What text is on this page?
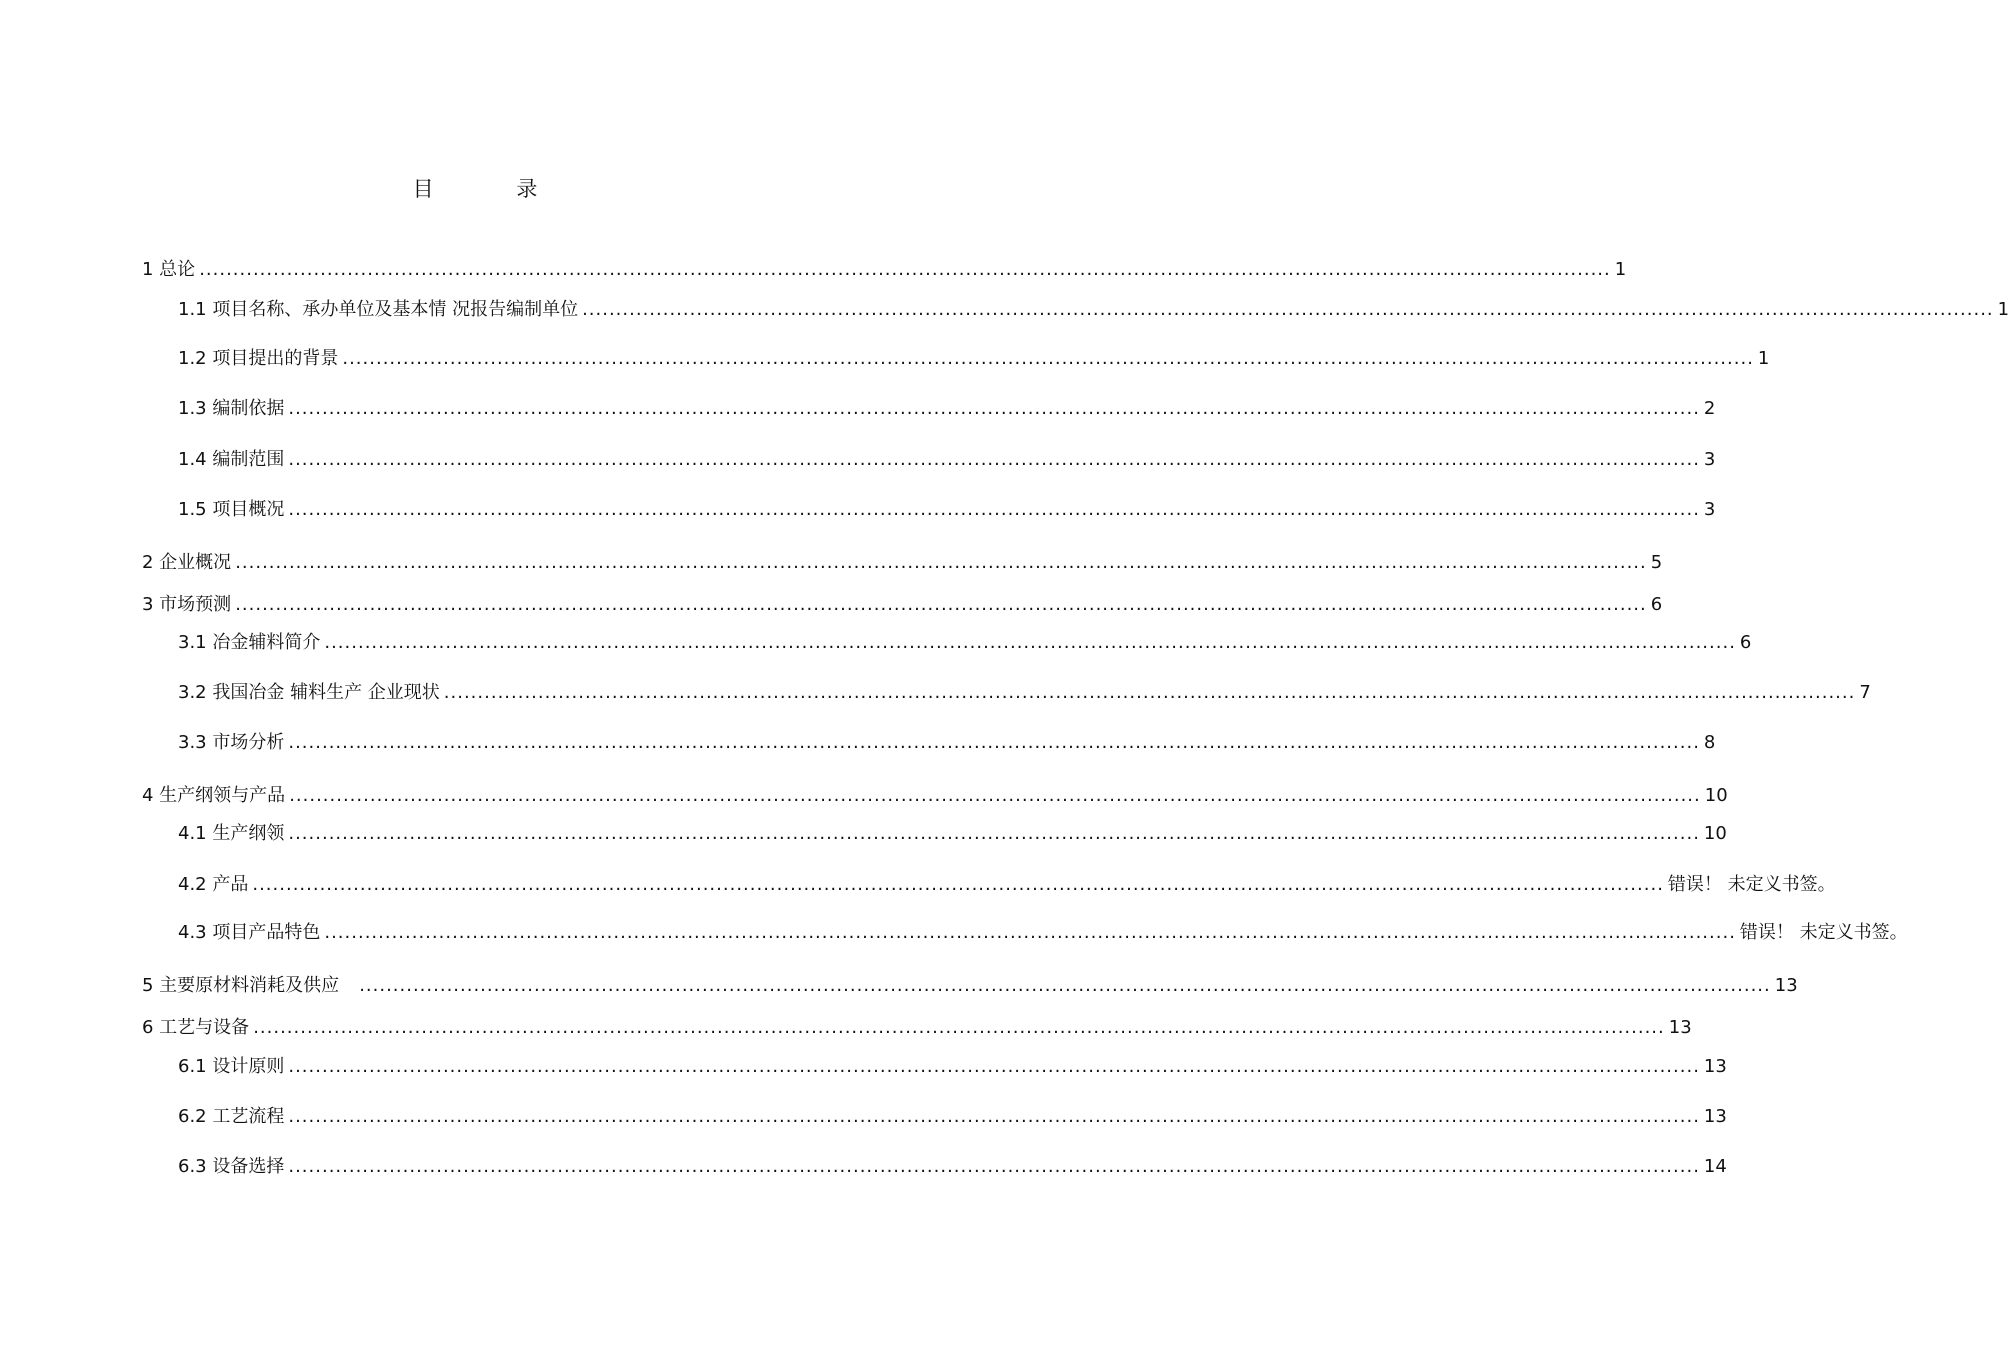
目 录
1 总论 .................................................................................................................................................................................................................. 1
1.1 项目名称、承办单位及基本情 况报告编制单位 .................................................................................................................................................................................................................. 1
1.2 项目提出的背景 .................................................................................................................................................................................................................. 1
1.3 编制依据 .................................................................................................................................................................................................................. 2
1.4 编制范围 .................................................................................................................................................................................................................. 3
1.5 项目概况 .................................................................................................................................................................................................................. 3
2 企业概况 .................................................................................................................................................................................................................. 5
3 市场预测 .................................................................................................................................................................................................................. 6
3.1 冶金辅料简介 .................................................................................................................................................................................................................. 6
3.2 我国冶金 辅料生产 企业现状 .................................................................................................................................................................................................................. 7
3.3 市场分析 .................................................................................................................................................................................................................. 8
4 生产纲领与产品 .................................................................................................................................................................................................................. 10
4.1 生产纲领 .................................................................................................................................................................................................................. 10
4.2 产品 .................................................................................................................................................................................................................. 错误！ 未定义书签。
4.3 项目产品特色 .................................................................................................................................................................................................................. 错误！ 未定义书签。
5 主要原材料消耗及供应 .................................................................................................................................................................................................................. 13
6 工艺与设备 .................................................................................................................................................................................................................. 13
6.1 设计原则 .................................................................................................................................................................................................................. 13
6.2 工艺流程 .................................................................................................................................................................................................................. 13
6.3 设备选择 .................................................................................................................................................................................................................. 14
